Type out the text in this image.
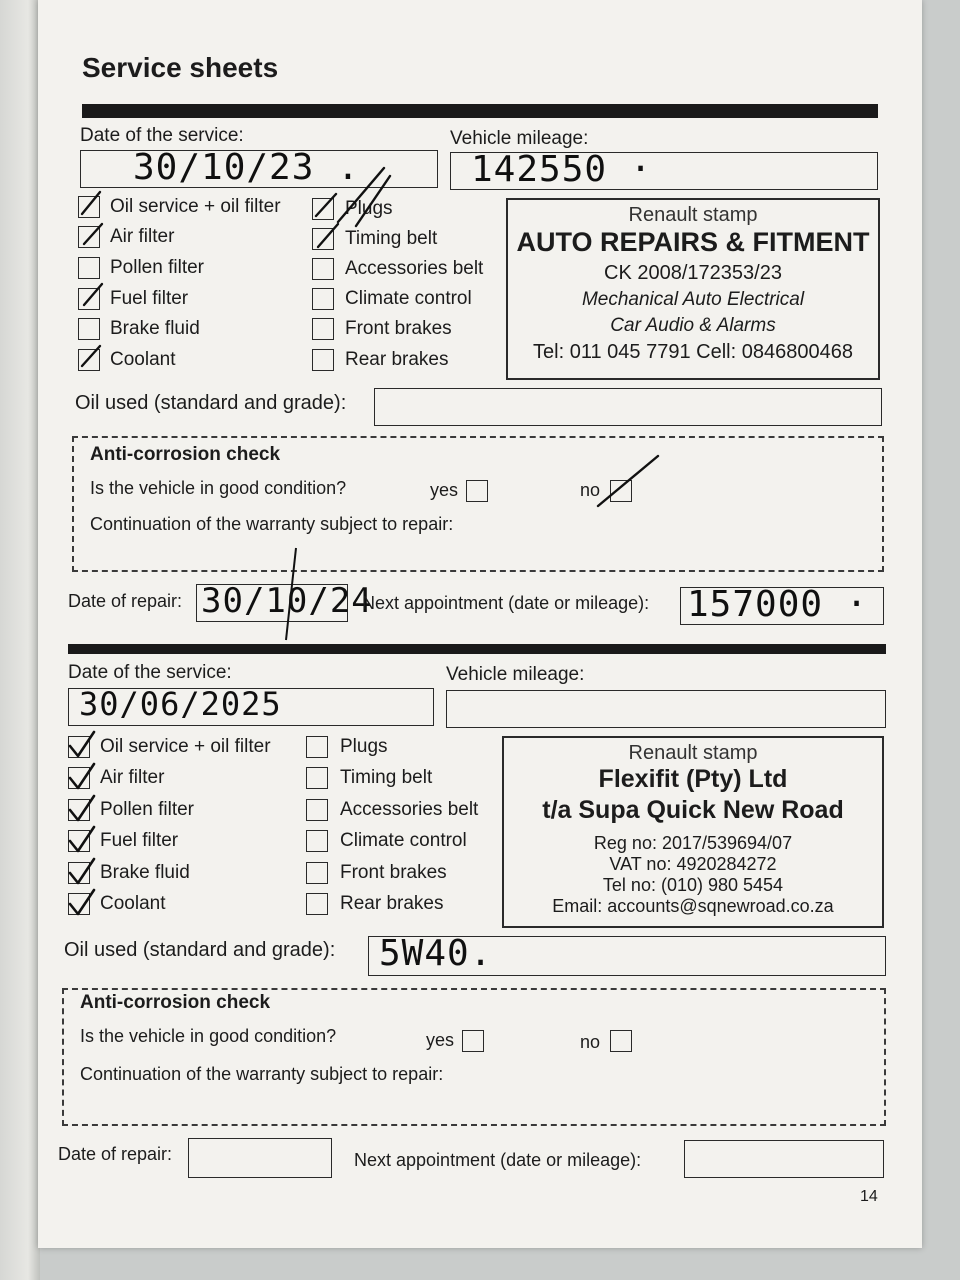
Service sheets
Date of the service:
30/10/23 .
Vehicle mileage:
142550 ·
Oil service + oil filter
Air filter
Pollen filter
Fuel filter
Brake fluid
Coolant
Plugs
Timing belt
Accessories belt
Climate control
Front brakes
Rear brakes
Renault stamp
AUTO REPAIRS & FITMENT
CK 2008/172353/23
Mechanical Auto Electrical
Car Audio & Alarms
Tel: 011 045 7791 Cell: 0846800468
Oil used (standard and grade):
Anti-corrosion check
Is the vehicle in good condition?	yes	no
Continuation of the warranty subject to repair:
Date of repair: 30/10/24
Next appointment (date or mileage): 157000 ·
Date of the service:
30/06/2025
Vehicle mileage:
Oil service + oil filter
Air filter
Pollen filter
Fuel filter
Brake fluid
Coolant
Plugs
Timing belt
Accessories belt
Climate control
Front brakes
Rear brakes
Renault stamp
Flexifit (Pty) Ltd
t/a Supa Quick New Road
Reg no: 2017/539694/07
VAT no: 4920284272
Tel no: (010) 980 5454
Email: accounts@sqnewroad.co.za
Oil used (standard and grade): 5W40.
Anti-corrosion check
Is the vehicle in good condition?	yes	no
Continuation of the warranty subject to repair:
Date of repair:	Next appointment (date or mileage):
14
